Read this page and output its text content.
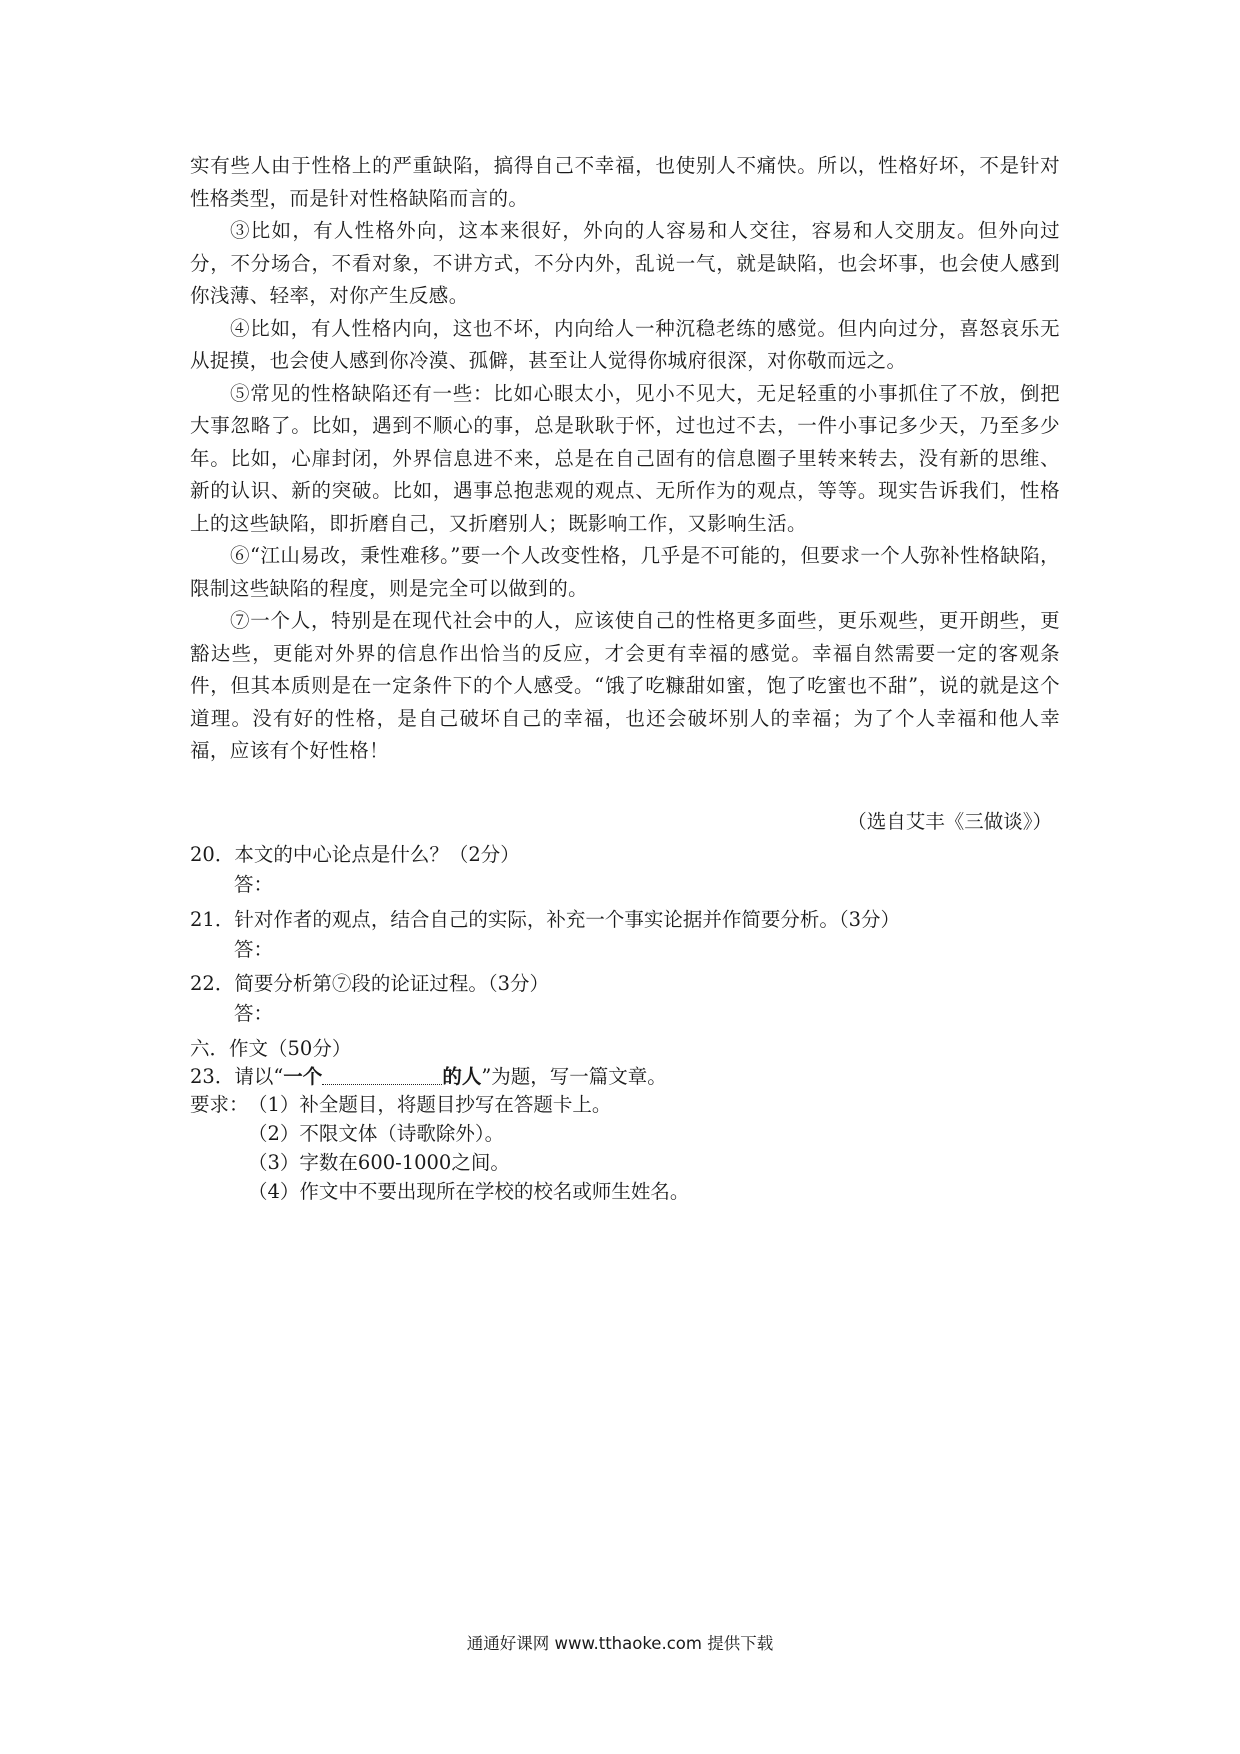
实有些人由于性格上的严重缺陷，搞得自己不幸福，也使别人不痛快。所以，性格好坏，不是针对性格类型，而是针对性格缺陷而言的。

③比如，有人性格外向，这本来很好，外向的人容易和人交往，容易和人交朋友。但外向过分，不分场合，不看对象，不讲方式，不分内外，乱说一气，就是缺陷，也会坏事，也会使人感到你浅薄、轻率，对你产生反感。

④比如，有人性格内向，这也不坏，内向给人一种沉稳老练的感觉。但内向过分，喜怒哀乐无从捉摸，也会使人感到你冷漠、孤僻，甚至让人觉得你城府很深，对你敬而远之。

⑤常见的性格缺陷还有一些：比如心眼太小，见小不见大，无足轻重的小事抓住了不放，倒把大事忽略了。比如，遇到不顺心的事，总是耿耿于怀，过也过不去，一件小事记多少天，乃至多少年。比如，心扉封闭，外界信息进不来，总是在自己固有的信息圈子里转来转去，没有新的思维、新的认识、新的突破。比如，遇事总抱悲观的观点、无所作为的观点，等等。现实告诉我们，性格上的这些缺陷，即折磨自己，又折磨别人；既影响工作，又影响生活。

⑥“江山易改，秉性难移。”要一个人改变性格，几乎是不可能的，但要求一个人弥补性格缺陷，限制这些缺陷的程度，则是完全可以做到的。

⑦一个人，特别是在现代社会中的人，应该使自己的性格更多面些，更乐观些，更开朗些，更豁达些，更能对外界的信息作出恰当的反应，才会更有幸福的感觉。幸福自然需要一定的客观条件，但其本质则是在一定条件下的个人感受。“饿了吃糠甜如蜜，饱了吃蜜也不甜”，说的就是这个道理。没有好的性格，是自己破坏自己的幸福，也还会破坏别人的幸福；为了个人幸福和他人幸福，应该有个好性格！

（选自艾丰《三做谈》）

20．本文的中心论点是什么？（2分）

答：

21．针对作者的观点，结合自己的实际，补充一个事实论据并作简要分析。（3分）

答：

22．简要分析第⑦段的论证过程。（3分）

答：

六．作文（50分）
23．请以“一个	的人”为题，写一篇文章。
要求： （1）补全题目，将题目抄写在答题卡上。
（2）不限文体（诗歌除外）。
（3）字数在600-1000之间。
（4）作文中不要出现所在学校的校名或师生姓名。
通通好课网 www.tthaoke.com 提供下载
